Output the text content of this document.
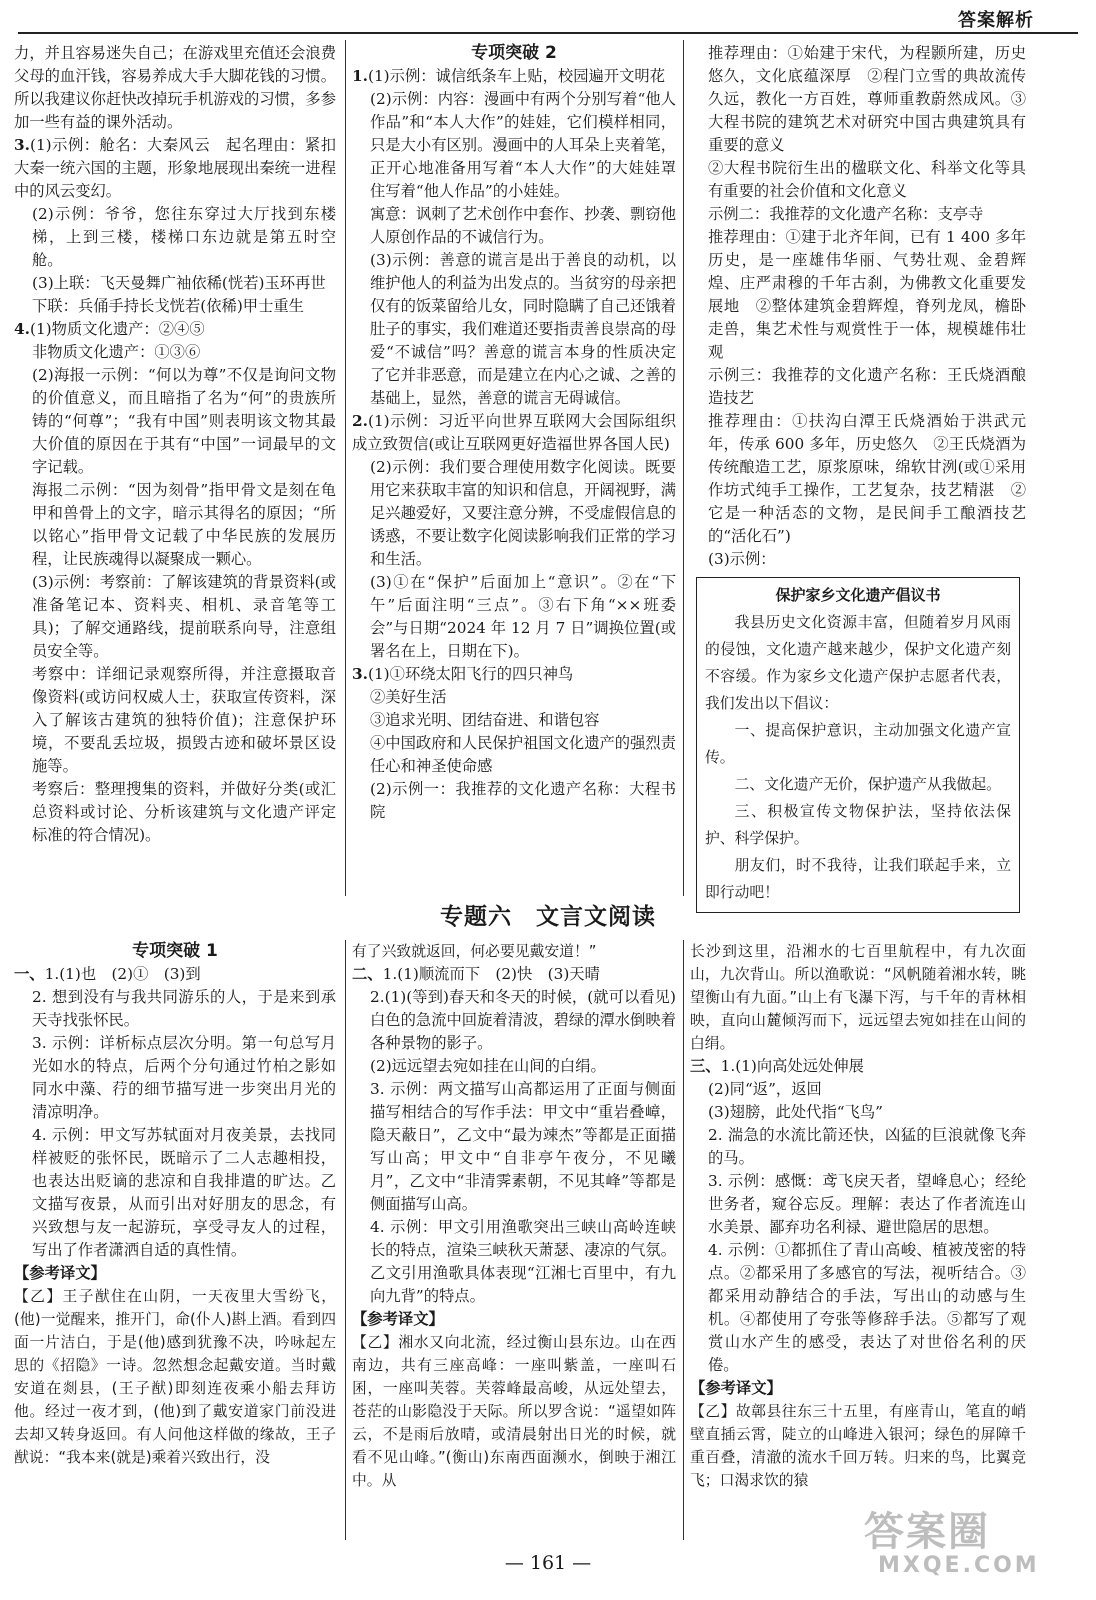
答案解析

力，并且容易迷失自己；在游戏里充值还会浪费父母的血汗钱，容易养成大手大脚花钱的习惯。所以我建议你赶快改掉玩手机游戏的习惯，多参加一些有益的课外活动。

3.(1)示例：舱名：大秦风云　起名理由：紧扣大秦一统六国的主题，形象地展现出秦统一进程中的风云变幻。

(2)示例：爷爷，您往东穿过大厅找到东楼梯，上到三楼，楼梯口东边就是第五时空舱。

(3)上联：飞天曼舞广袖依稀(恍若)玉环再世

下联：兵俑手持长戈恍若(依稀)甲士重生

4.(1)物质文化遗产：②④⑤

非物质文化遗产：①③⑥

(2)海报一示例：“何以为尊”不仅是询问文物的价值意义，而且暗指了名为“何”的贵族所铸的“何尊”；“我有中国”则表明该文物其最大价值的原因在于其有“中国”一词最早的文字记载。

海报二示例：“因为刻骨”指甲骨文是刻在龟甲和兽骨上的文字，暗示其得名的原因；“所以铭心”指甲骨文记载了中华民族的发展历程，让民族魂得以凝聚成一颗心。

(3)示例：考察前：了解该建筑的背景资料(或准备笔记本、资料夹、相机、录音笔等工具)；了解交通路线，提前联系向导，注意组员安全等。

考察中：详细记录观察所得，并注意摄取音像资料(或访问权威人士，获取宣传资料，深入了解该古建筑的独特价值)；注意保护环境，不要乱丢垃圾，损毁古迹和破坏景区设施等。

考察后：整理搜集的资料，并做好分类(或汇总资料或讨论、分析该建筑与文化遗产评定标准的符合情况)。

专项突破 2

1.(1)示例：诚信纸条车上贴，校园遍开文明花

(2)示例：内容：漫画中有两个分别写着“他人作品”和“本人大作”的娃娃，它们模样相同，只是大小有区别。漫画中的人耳朵上夹着笔，正开心地准备用写着“本人大作”的大娃娃罩住写着“他人作品”的小娃娃。

寓意：讽刺了艺术创作中套作、抄袭、剽窃他人原创作品的不诚信行为。

(3)示例：善意的谎言是出于善良的动机，以维护他人的利益为出发点的。当贫穷的母亲把仅有的饭菜留给儿女，同时隐瞒了自己还饿着肚子的事实，我们难道还要指责善良崇高的母爱“不诚信”吗？善意的谎言本身的性质决定了它并非恶意，而是建立在内心之诚、之善的基础上，显然，善意的谎言无碍诚信。

2.(1)示例：习近平向世界互联网大会国际组织成立致贺信(或让互联网更好造福世界各国人民)

(2)示例：我们要合理使用数字化阅读。既要用它来获取丰富的知识和信息，开阔视野，满足兴趣爱好，又要注意分辨，不受虚假信息的诱惑，不要让数字化阅读影响我们正常的学习和生活。

(3)①在“保护”后面加上“意识”。②在“下午”后面注明“三点”。③右下角“××班委会”与日期“2024 年 12 月 7 日”调换位置(或署名在上，日期在下)。

3.(1)①环绕太阳飞行的四只神鸟

②美好生活

③追求光明、团结奋进、和谐包容

④中国政府和人民保护祖国文化遗产的强烈责任心和神圣使命感

(2)示例一：我推荐的文化遗产名称：大程书院

推荐理由：①始建于宋代，为程颢所建，历史悠久，文化底蕴深厚　②程门立雪的典故流传久远，教化一方百姓，尊师重教蔚然成风。③大程书院的建筑艺术对研究中国古典建筑具有重要的意义

②大程书院衍生出的楹联文化、科举文化等具有重要的社会价值和文化意义

示例二：我推荐的文化遗产名称：支亭寺

推荐理由：①建于北齐年间，已有 1 400 多年历史，是一座雄伟华丽、气势壮观、金碧辉煌、庄严肃穆的千年古刹，为佛教文化重要发展地　②整体建筑金碧辉煌，脊列龙凤，檐卧走兽，集艺术性与观赏性于一体，规模雄伟壮观

示例三：我推荐的文化遗产名称：王氏烧酒酿造技艺

推荐理由：①扶沟白潭王氏烧酒始于洪武元年，传承 600 多年，历史悠久　②王氏烧酒为传统酿造工艺，原浆原味，绵软甘洌(或①采用作坊式纯手工操作，工艺复杂，技艺精湛　②它是一种活态的文物，是民间手工酿酒技艺的“活化石”)

(3)示例：

保护家乡文化遗产倡议书

我县历史文化资源丰富，但随着岁月风雨的侵蚀，文化遗产越来越少，保护文化遗产刻不容缓。作为家乡文化遗产保护志愿者代表，我们发出以下倡议：

一、提高保护意识，主动加强文化遗产宣传。

二、文化遗产无价，保护遗产从我做起。

三、积极宣传文物保护法，坚持依法保护、科学保护。

朋友们，时不我待，让我们联起手来，立即行动吧！

专题六　文言文阅读

专项突破 1

一、1.(1)也　(2)①　(3)到

2. 想到没有与我共同游乐的人，于是来到承天寺找张怀民。

3. 示例：详析标点层次分明。第一句总写月光如水的特点，后两个分句通过竹柏之影如同水中藻、荇的细节描写进一步突出月光的清凉明净。

4. 示例：甲文写苏轼面对月夜美景，去找同样被贬的张怀民，既暗示了二人志趣相投，也表达出贬谪的悲凉和自我排遣的旷达。乙文描写夜景，从而引出对好朋友的思念，有兴致想与友一起游玩，享受寻友人的过程，写出了作者潇洒自适的真性情。

【参考译文】

【乙】王子猷住在山阴，一天夜里大雪纷飞，(他)一觉醒来，推开门，命(仆人)斟上酒。看到四面一片洁白，于是(他)感到犹豫不决，吟咏起左思的《招隐》一诗。忽然想念起戴安道。当时戴安道在剡县，(王子猷)即刻连夜乘小船去拜访他。经过一夜才到，(他)到了戴安道家门前没进去却又转身返回。有人问他这样做的缘故，王子猷说：“我本来(就是)乘着兴致出行，没

有了兴致就返回，何必要见戴安道！”

二、1.(1)顺流而下　(2)快　(3)天晴

2.(1)(等到)春天和冬天的时候，(就可以看见)白色的急流中回旋着清波，碧绿的潭水倒映着各种景物的影子。

(2)远远望去宛如挂在山间的白绢。

3. 示例：两文描写山高都运用了正面与侧面描写相结合的写作手法：甲文中“重岩叠嶂，隐天蔽日”，乙文中“最为竦杰”等都是正面描写山高；甲文中“自非亭午夜分，不见曦月”，乙文中“非清霁素朝，不见其峰”等都是侧面描写山高。

4. 示例：甲文引用渔歌突出三峡山高岭连峡长的特点，渲染三峡秋天萧瑟、凄凉的气氛。乙文引用渔歌具体表现“江湘七百里中，有九向九背”的特点。

【参考译文】

【乙】湘水又向北流，经过衡山县东边。山在西南边，共有三座高峰：一座叫紫盖，一座叫石囷，一座叫芙蓉。芙蓉峰最高峻，从远处望去，苍茫的山影隐没于天际。所以罗含说：“遥望如阵云，不是雨后放晴，或清晨射出日光的时候，就看不见山峰。”(衡山)东南西面濒水，倒映于湘江中。从

长沙到这里，沿湘水的七百里航程中，有九次面山，九次背山。所以渔歌说：“风帆随着湘水转，眺望衡山有九面。”山上有飞瀑下泻，与千年的青林相映，直向山麓倾泻而下，远远望去宛如挂在山间的白绢。

三、1.(1)向高处远处伸展

(2)同“返”，返回

(3)翅膀，此处代指“飞鸟”

2. 湍急的水流比箭还快，凶猛的巨浪就像飞奔的马。

3. 示例：感慨：鸢飞戾天者，望峰息心；经纶世务者，窥谷忘反。理解：表达了作者流连山水美景、鄙弃功名利禄、避世隐居的思想。

4. 示例：①都抓住了青山高峻、植被茂密的特点。②都采用了多感官的写法，视听结合。③都采用动静结合的手法，写出山的动感与生机。④都使用了夸张等修辞手法。⑤都写了观赏山水产生的感受，表达了对世俗名利的厌倦。

【参考译文】

【乙】故鄣县往东三十五里，有座青山，笔直的峭壁直插云霄，陡立的山峰进入银河；绿色的屏障千重百叠，清澈的流水千回万转。归来的鸟，比翼竞飞；口渴求饮的猿

— 161 —
答案圈
MXQE.COM
